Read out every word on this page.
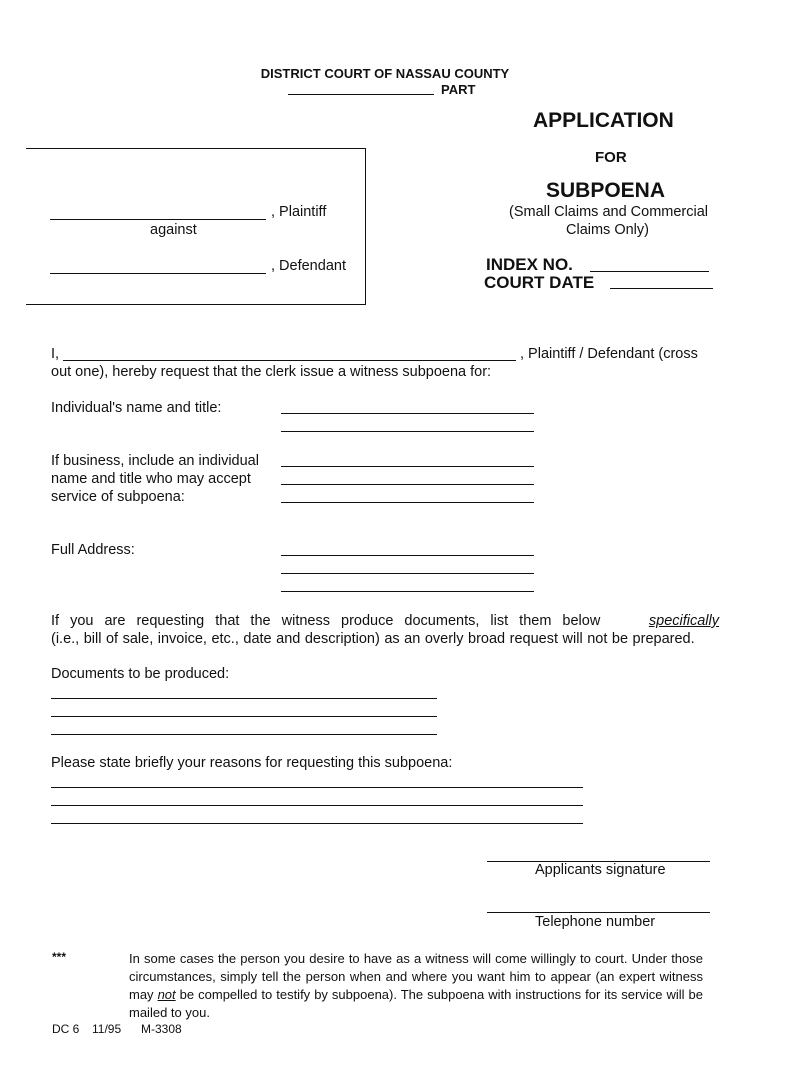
DISTRICT COURT OF NASSAU COUNTY
PART
APPLICATION
FOR
SUBPOENA
(Small Claims and Commercial
Claims Only)
, Plaintiff
against
, Defendant	INDEX NO.
COURT DATE
I,	, Plaintiff / Defendant (cross
out one), hereby request that the clerk issue a witness subpoena for:
Individual's name and title:
If business, include an individual
name and title who may accept
service of subpoena:
Full Address:
If you are requesting that the witness produce documents, list them below	specifically
(i.e., bill of sale, invoice, etc., date and description) as an overly broad request will not be prepared.
Documents to be produced:
Please state briefly your reasons for requesting this subpoena:
Applicants signature
Telephone number
***	In some cases the person you desire to have as a witness will come willingly to court. Under those circumstances, simply tell the person when and where you want him to appear (an expert witness may not be compelled to testify by subpoena). The subpoena with instructions for its service will be mailed to you.
DC 6 11/95 M-3308
